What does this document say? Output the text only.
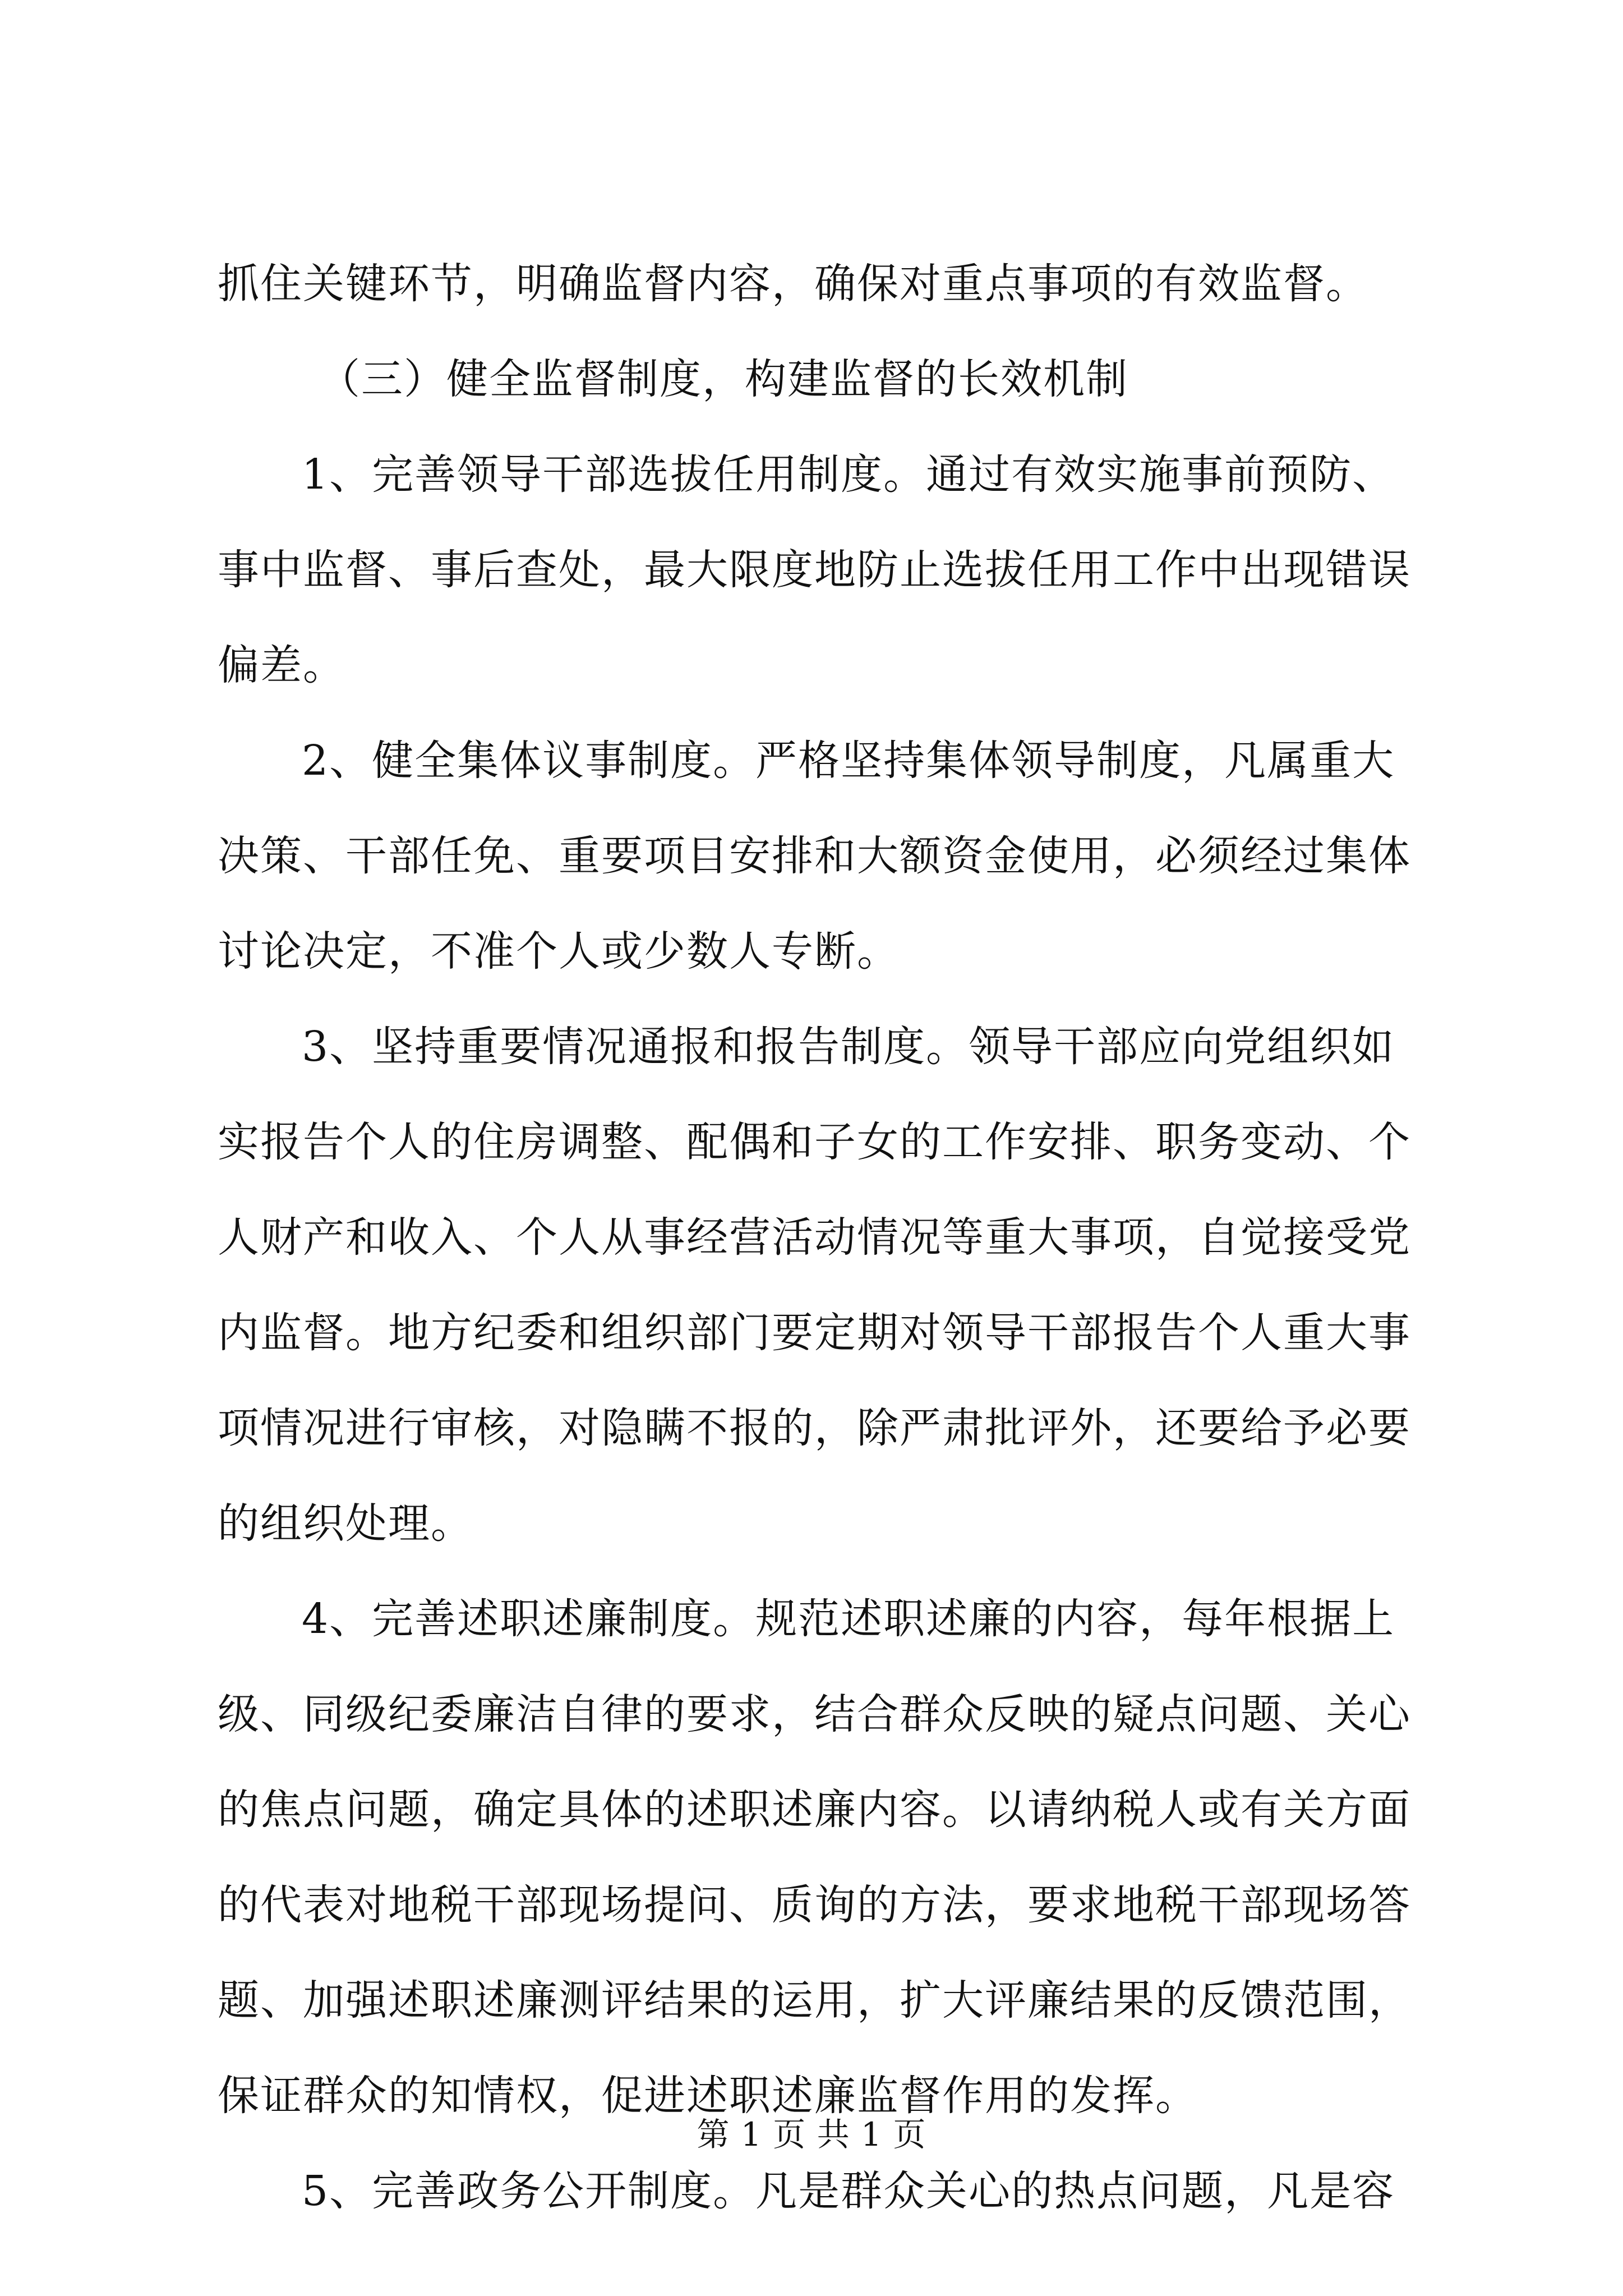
抓住关键环节，明确监督内容，确保对重点事项的有效监督。
（三）健全监督制度，构建监督的长效机制
1、完善领导干部选拔任用制度。通过有效实施事前预防、
事中监督、事后查处，最大限度地防止选拔任用工作中出现错误
偏差。
2、健全集体议事制度。严格坚持集体领导制度，凡属重大
决策、干部任免、重要项目安排和大额资金使用，必须经过集体
讨论决定，不准个人或少数人专断。
3、坚持重要情况通报和报告制度。领导干部应向党组织如
实报告个人的住房调整、配偶和子女的工作安排、职务变动、个
人财产和收入、个人从事经营活动情况等重大事项，自觉接受党
内监督。地方纪委和组织部门要定期对领导干部报告个人重大事
项情况进行审核，对隐瞒不报的，除严肃批评外，还要给予必要
的组织处理。
4、完善述职述廉制度。规范述职述廉的内容，每年根据上
级、同级纪委廉洁自律的要求，结合群众反映的疑点问题、关心
的焦点问题，确定具体的述职述廉内容。以请纳税人或有关方面
的代表对地税干部现场提问、质询的方法，要求地税干部现场答
题、加强述职述廉测评结果的运用，扩大评廉结果的反馈范围，
保证群众的知情权，促进述职述廉监督作用的发挥。
5、完善政务公开制度。凡是群众关心的热点问题，凡是容
第 1 页 共 1 页
